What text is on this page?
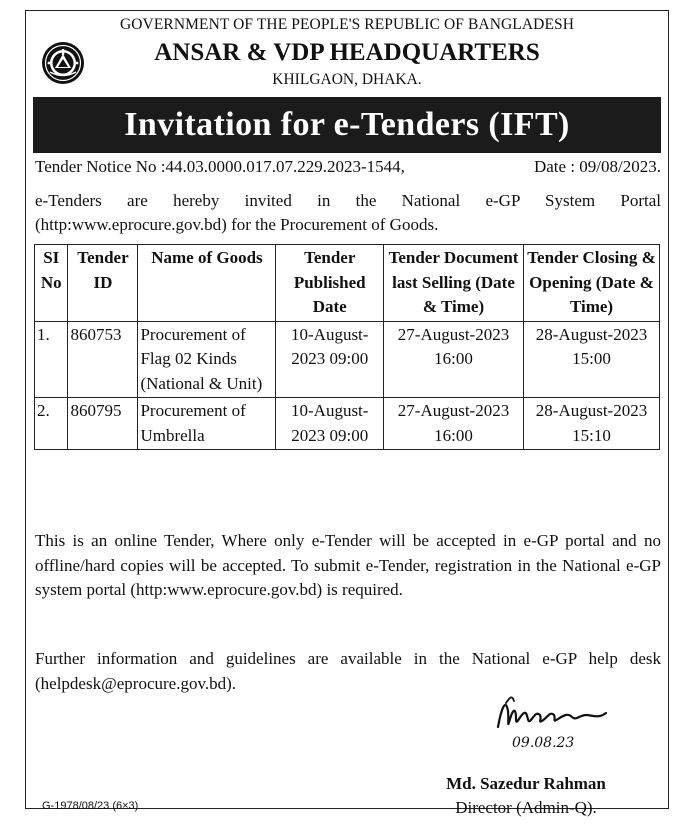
GOVERNMENT OF THE PEOPLE'S REPUBLIC OF BANGLADESH
ANSAR & VDP HEADQUARTERS
KHILGAON, DHAKA.
Invitation for e-Tenders (IFT)
Tender Notice No :44.03.0000.017.07.229.2023-1544,	Date : 09/08/2023.
e-Tenders are hereby invited in the National e-GP System Portal (http:www.eprocure.gov.bd) for the Procurement of Goods.
SI No	Tender ID	Name of Goods	Tender Published Date	Tender Document last Selling (Date & Time)	Tender Closing & Opening (Date & Time)
1.	860753	Procurement of Flag 02 Kinds (National & Unit)	10-August-2023 09:00	27-August-2023 16:00	28-August-2023 15:00
2.	860795	Procurement of Umbrella	10-August-2023 09:00	27-August-2023 16:00	28-August-2023 15:10
This is an online Tender, Where only e-Tender will be accepted in e-GP portal and no offline/hard copies will be accepted. To submit e-Tender, registration in the National e-GP system portal (http:www.eprocure.gov.bd) is required.
Further information and guidelines are available in the National e-GP help desk (helpdesk@eprocure.gov.bd).
09.08.23
Md. Sazedur Rahman
Director (Admin-Q).
G-1978/08/23 (6×3)
